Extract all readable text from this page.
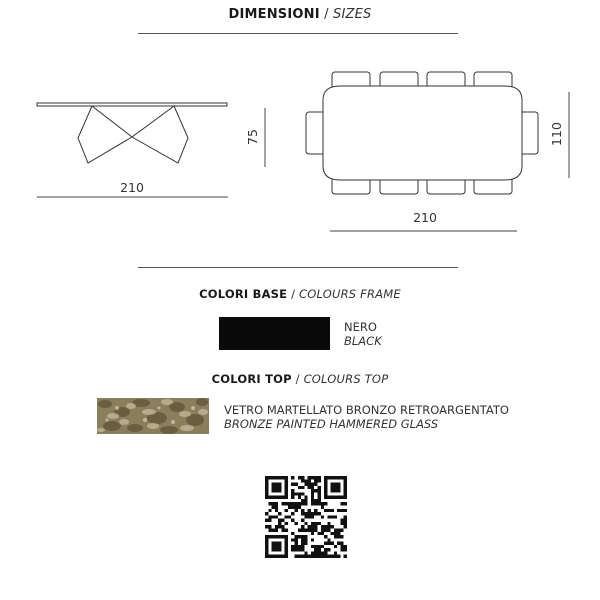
DIMENSIONI / SIZES
210
75
210
110
COLORI BASE / COLOURS FRAME
NERO
BLACK
COLORI TOP / COLOURS TOP
VETRO MARTELLATO BRONZO RETROARGENTATO
BRONZE PAINTED HAMMERED GLASS
